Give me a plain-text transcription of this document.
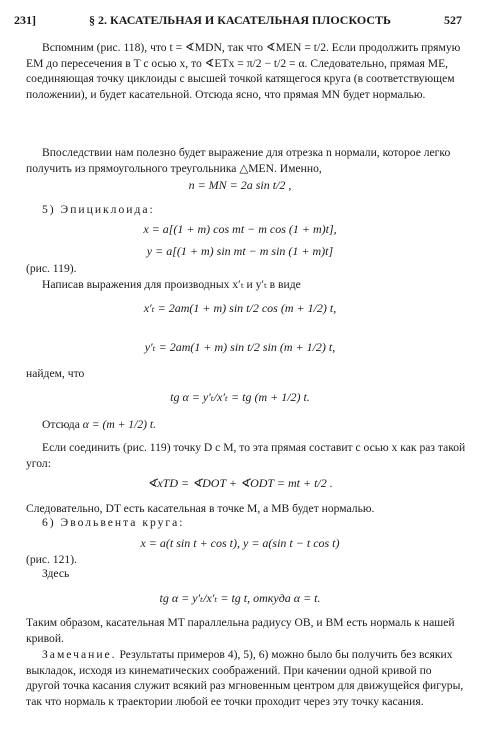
231]	§ 2. КАСАТЕЛЬНАЯ И КАСАТЕЛЬНАЯ ПЛОСКОСТЬ	527

Вспомним (рис. 118), что t = ∢MDN, так что ∢MEN = t/2. Если продолжить прямую EM до пересечения в T с осью x, то ∢ETx = π/2 − t/2 = α. Следовательно, прямая ME, соединяющая точку циклоиды с высшей точкой катящегося круга (в соответствующем положении), и будет касательной. Отсюда ясно, что прямая MN будет нормалью.

Впоследствии нам полезно будет выражение для отрезка n нормали, которое легко получить из прямоугольного треугольника △MEN. Именно,

n = MN = 2a sin t/2 ,
5) Эпициклоида:
x = a[(1 + m) cos mt − m cos (1 + m)t],
y = a[(1 + m) sin mt − m sin (1 + m)t]
(рис. 119).

Написав выражения для производных x′ₜ и y′ₜ в виде

x′ₜ = 2am(1 + m) sin t/2 cos (m + 1/2) t,
y′ₜ = 2am(1 + m) sin t/2 sin (m + 1/2) t,
найдем, что
tg α = y′ₜ/x′ₜ = tg (m + 1/2) t.
Отсюда α = (m + 1/2) t.

Если соединить (рис. 119) точку D с M, то эта прямая составит с осью x как раз такой угол:

∢xTD = ∢DOT + ∢ODT = mt + t/2 .

Следовательно, DT есть касательная в точке M, а MB будет нормалью.

6) Эвольвента круга:
x = a(t sin t + cos t), y = a(sin t − t cos t)
(рис. 121).
Здесь
tg α = y′ₜ/x′ₜ = tg t, откуда α = t.

Таким образом, касательная MT параллельна радиусу OB, и BM есть нормаль к нашей кривой.

Замечание. Результаты примеров 4), 5), 6) можно было бы получить без всяких выкладок, исходя из кинематических соображений. При качении одной кривой по другой точка касания служит всякий раз мгновенным центром для движущейся фигуры, так что нормаль к траектории любой ее точки проходит через эту точку касания.
